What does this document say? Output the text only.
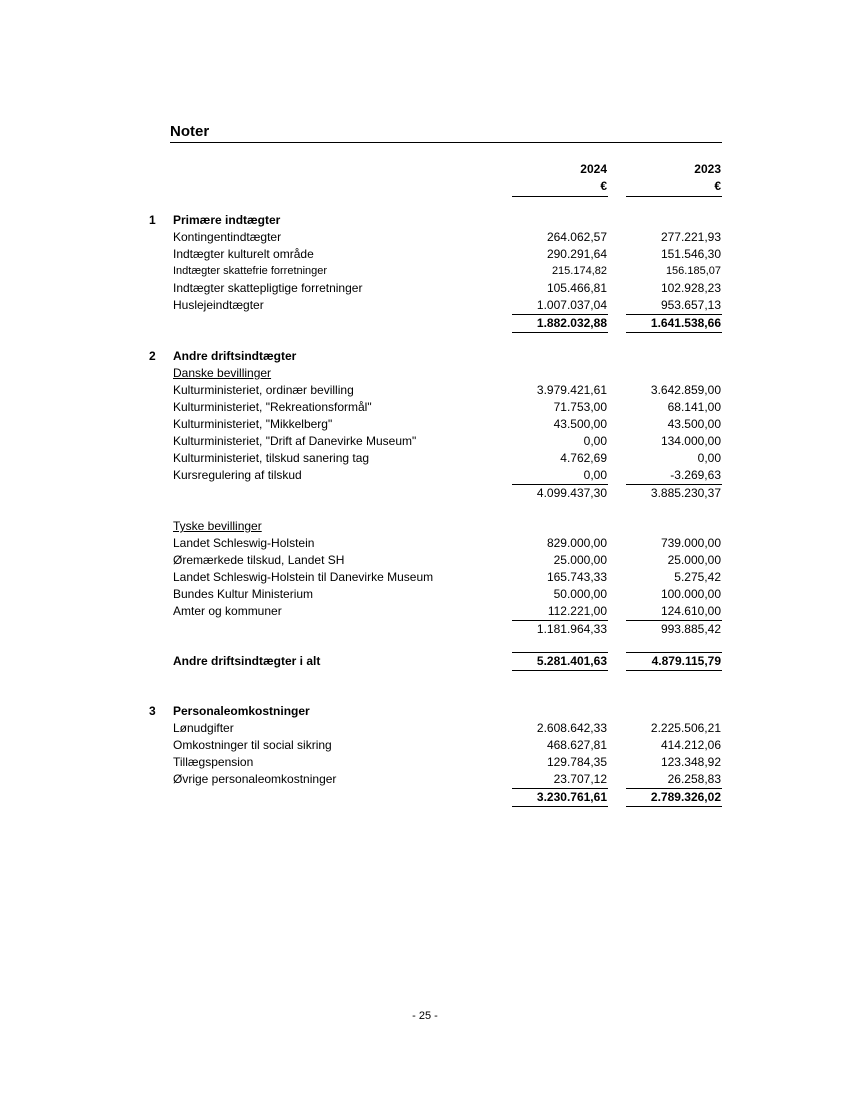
Noter
2024	2023
€	€
1 Primære indtægter
Kontingentindtægter	264.062,57	277.221,93
Indtægter kulturelt område	290.291,64	151.546,30
Indtægter skattefrie forretninger	215.174,82	156.185,07
Indtægter skattepligtige forretninger	105.466,81	102.928,23
Huslejeindtægter	1.007.037,04	953.657,13
1.882.032,88	1.641.538,66
2 Andre driftsindtægter
Danske bevillinger
Kulturministeriet, ordinær bevilling	3.979.421,61	3.642.859,00
Kulturministeriet, "Rekreationsformål"	71.753,00	68.141,00
Kulturministeriet, "Mikkelberg"	43.500,00	43.500,00
Kulturministeriet, "Drift af Danevirke Museum"	0,00	134.000,00
Kulturministeriet, tilskud sanering tag	4.762,69	0,00
Kursregulering af tilskud	0,00	-3.269,63
4.099.437,30	3.885.230,37
Tyske bevillinger
Landet Schleswig-Holstein	829.000,00	739.000,00
Øremærkede tilskud, Landet SH	25.000,00	25.000,00
Landet Schleswig-Holstein til Danevirke Museum	165.743,33	5.275,42
Bundes Kultur Ministerium	50.000,00	100.000,00
Amter og kommuner	112.221,00	124.610,00
1.181.964,33	993.885,42
Andre driftsindtægter i alt	5.281.401,63	4.879.115,79
3 Personaleomkostninger
Lønudgifter	2.608.642,33	2.225.506,21
Omkostninger til social sikring	468.627,81	414.212,06
Tillægspension	129.784,35	123.348,92
Øvrige personaleomkostninger	23.707,12	26.258,83
3.230.761,61	2.789.326,02
- 25 -
